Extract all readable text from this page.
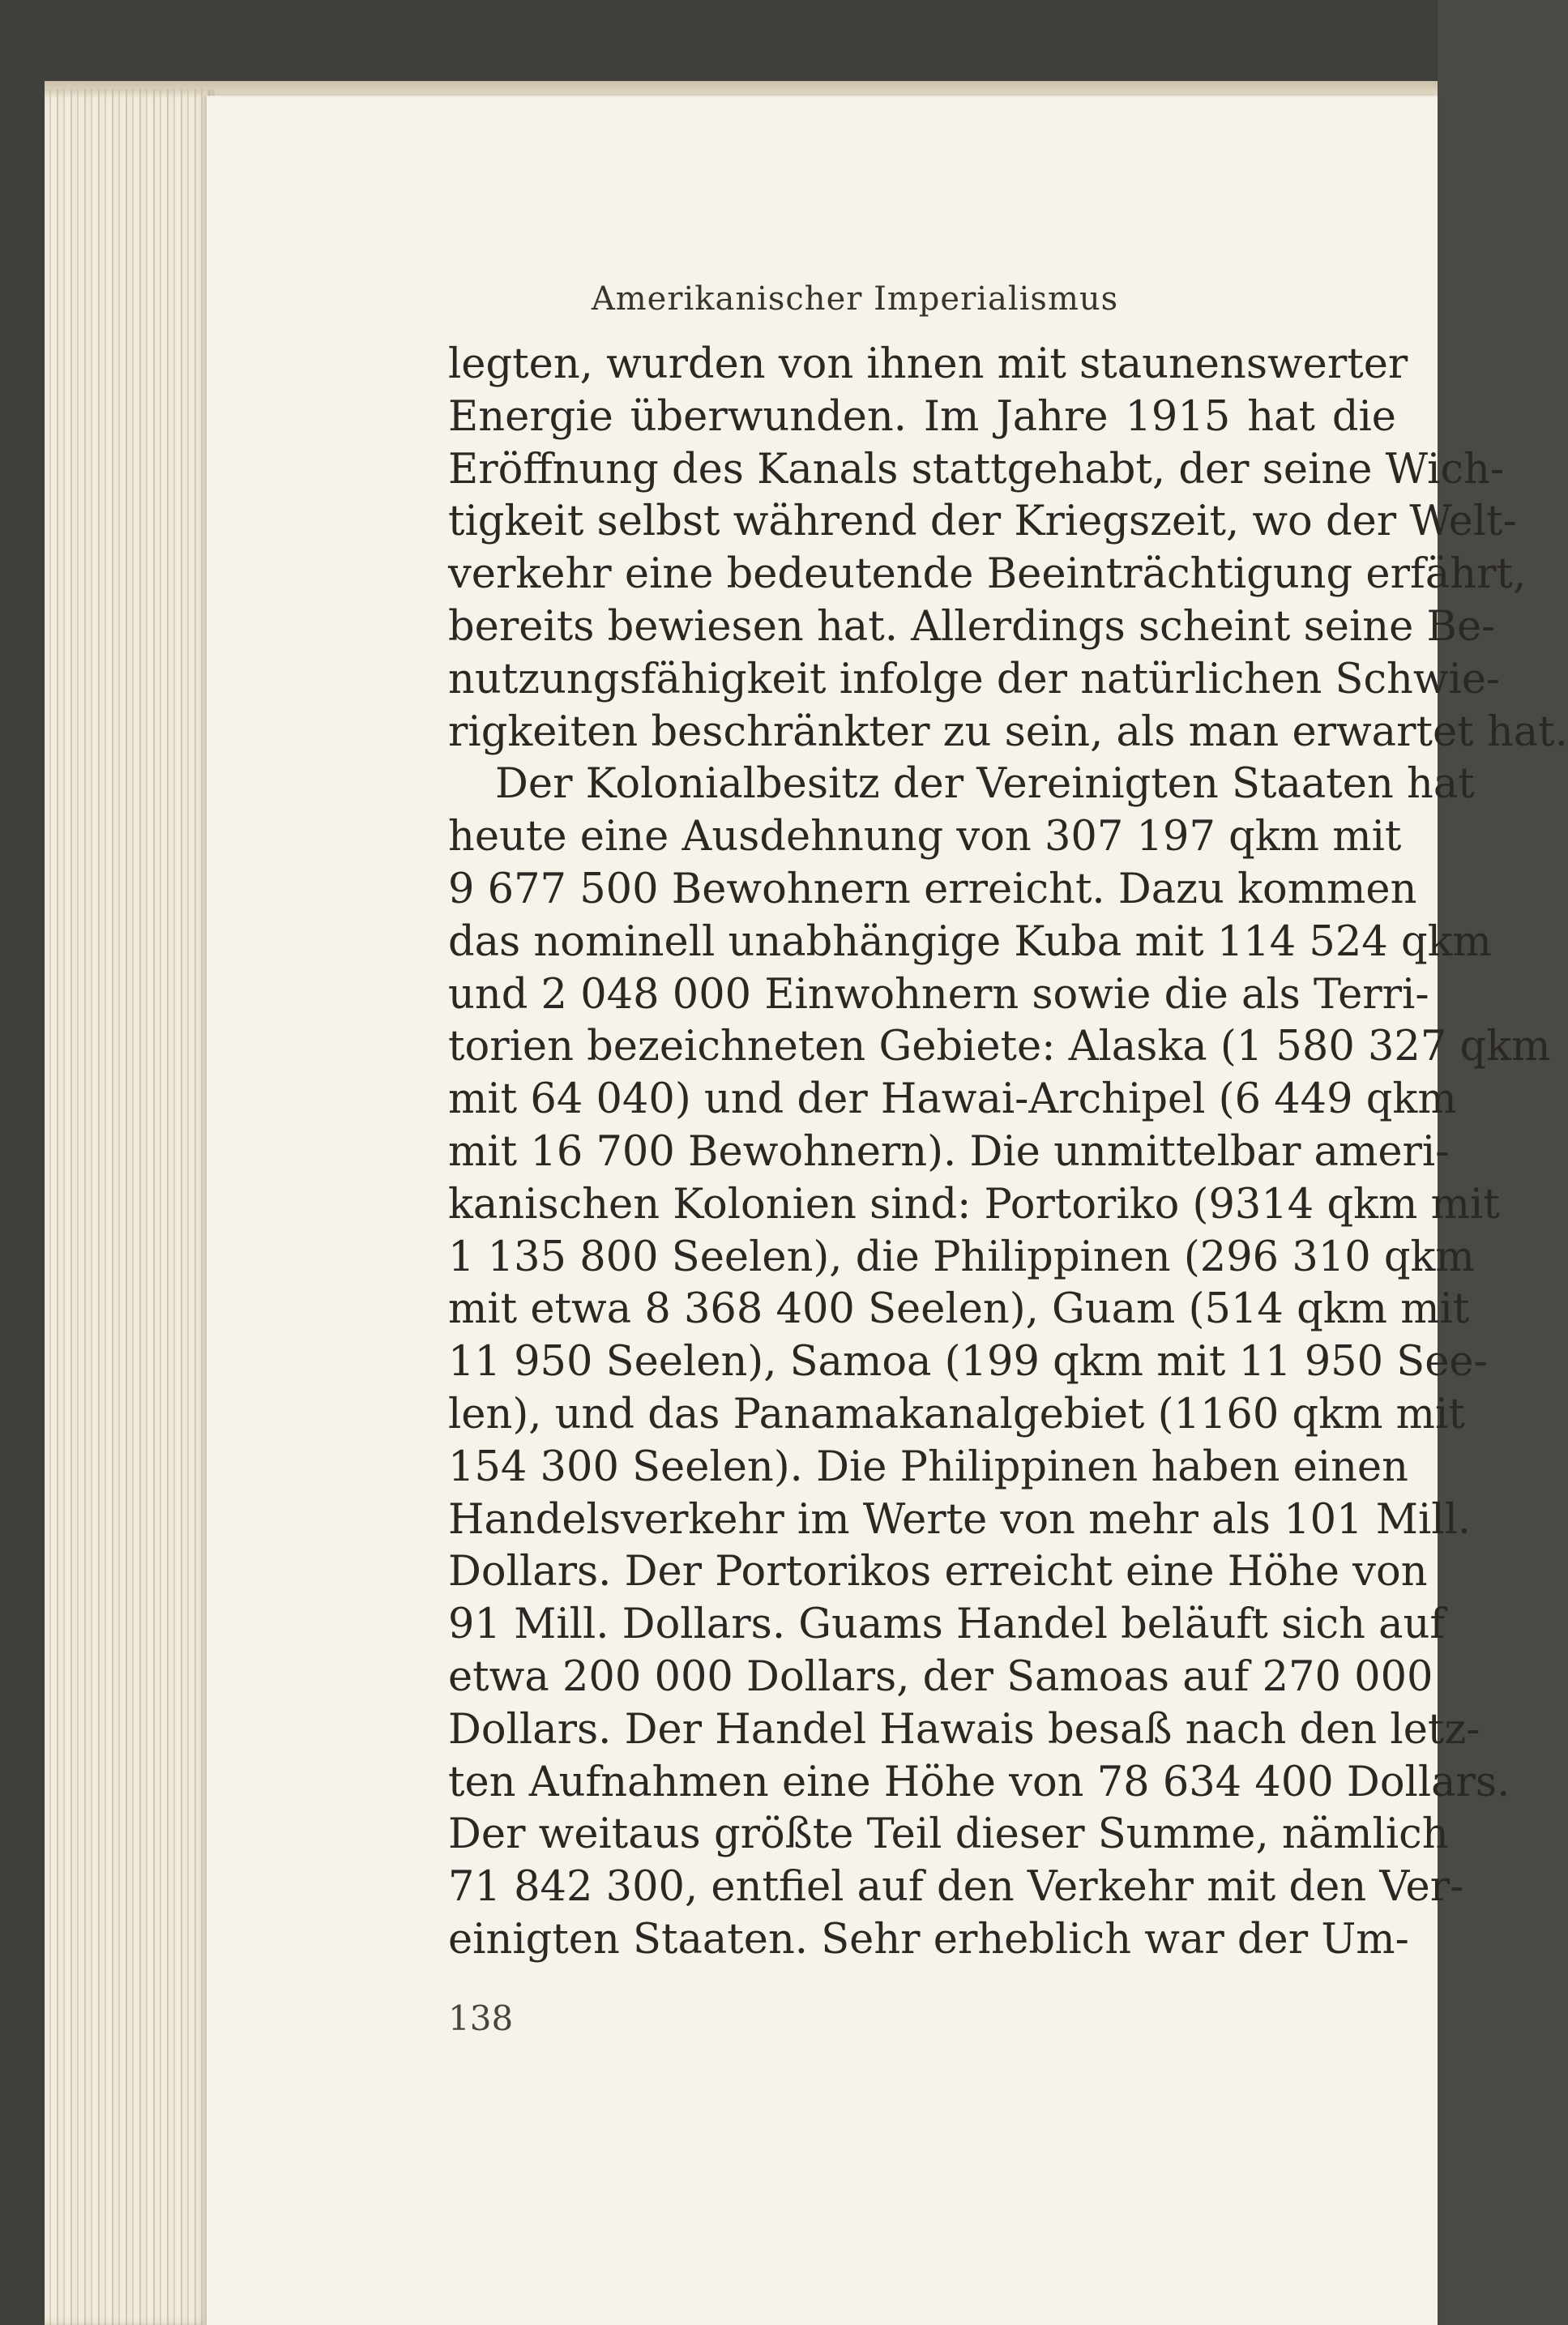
Amerikanischer Imperialismus
legten, wurden von ihnen mit staunenswerter
Energie überwunden. Im Jahre 1915 hat die
Eröffnung des Kanals stattgehabt, der seine Wich-
tigkeit selbst während der Kriegszeit, wo der Welt-
verkehr eine bedeutende Beeinträchtigung erfährt,
bereits bewiesen hat. Allerdings scheint seine Be-
nutzungsfähigkeit infolge der natürlichen Schwie-
rigkeiten beschränkter zu sein, als man erwartet hat.
Der Kolonialbesitz der Vereinigten Staaten hat
heute eine Ausdehnung von 307 197 qkm mit
9 677 500 Bewohnern erreicht. Dazu kommen
das nominell unabhängige Kuba mit 114 524 qkm
und 2 048 000 Einwohnern sowie die als Terri-
torien bezeichneten Gebiete: Alaska (1 580 327 qkm
mit 64 040) und der Hawai-Archipel (6 449 qkm
mit 16 700 Bewohnern). Die unmittelbar ameri-
kanischen Kolonien sind: Portoriko (9314 qkm mit
1 135 800 Seelen), die Philippinen (296 310 qkm
mit etwa 8 368 400 Seelen), Guam (514 qkm mit
11 950 Seelen), Samoa (199 qkm mit 11 950 See-
len), und das Panamakanalgebiet (1160 qkm mit
154 300 Seelen). Die Philippinen haben einen
Handelsverkehr im Werte von mehr als 101 Mill.
Dollars. Der Portorikos erreicht eine Höhe von
91 Mill. Dollars. Guams Handel beläuft sich auf
etwa 200 000 Dollars, der Samoas auf 270 000
Dollars. Der Handel Hawais besaß nach den letz-
ten Aufnahmen eine Höhe von 78 634 400 Dollars.
Der weitaus größte Teil dieser Summe, nämlich
71 842 300, entfiel auf den Verkehr mit den Ver-
einigten Staaten. Sehr erheblich war der Um-
138
